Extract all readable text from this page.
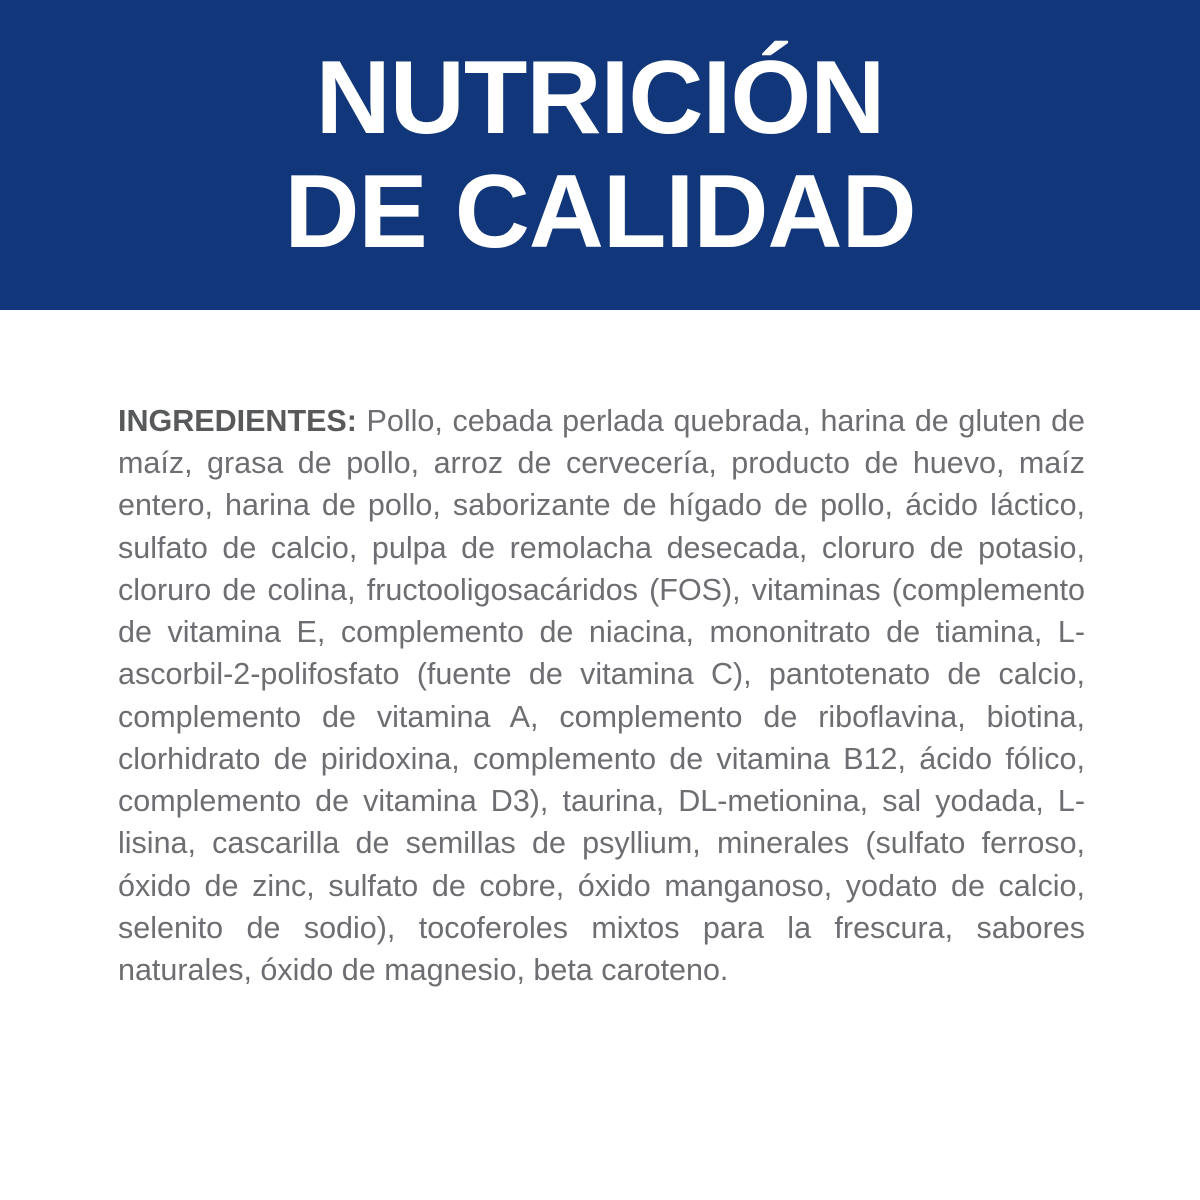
NUTRICIÓN
DE CALIDAD

INGREDIENTES: Pollo, cebada perlada quebrada, harina de gluten de maíz, grasa de pollo, arroz de cervecería, producto de huevo, maíz entero, harina de pollo, saborizante de hígado de pollo, ácido láctico, sulfato de calcio, pulpa de remolacha desecada, cloruro de potasio, cloruro de colina, fructooligosacáridos (FOS), vitaminas (complemento de vitamina E, complemento de niacina, mononitrato de tiamina, L-ascorbil-2-polifosfato (fuente de vitamina C), pantotenato de calcio, complemento de vitamina A, complemento de riboflavina, biotina, clorhidrato de piridoxina, complemento de vitamina B12, ácido fólico, complemento de vitamina D3), taurina, DL-metionina, sal yodada, L-lisina, cascarilla de semillas de psyllium, minerales (sulfato ferroso, óxido de zinc, sulfato de cobre, óxido manganoso, yodato de calcio, selenito de sodio), tocoferoles mixtos para la frescura, sabores naturales, óxido de magnesio, beta caroteno.
